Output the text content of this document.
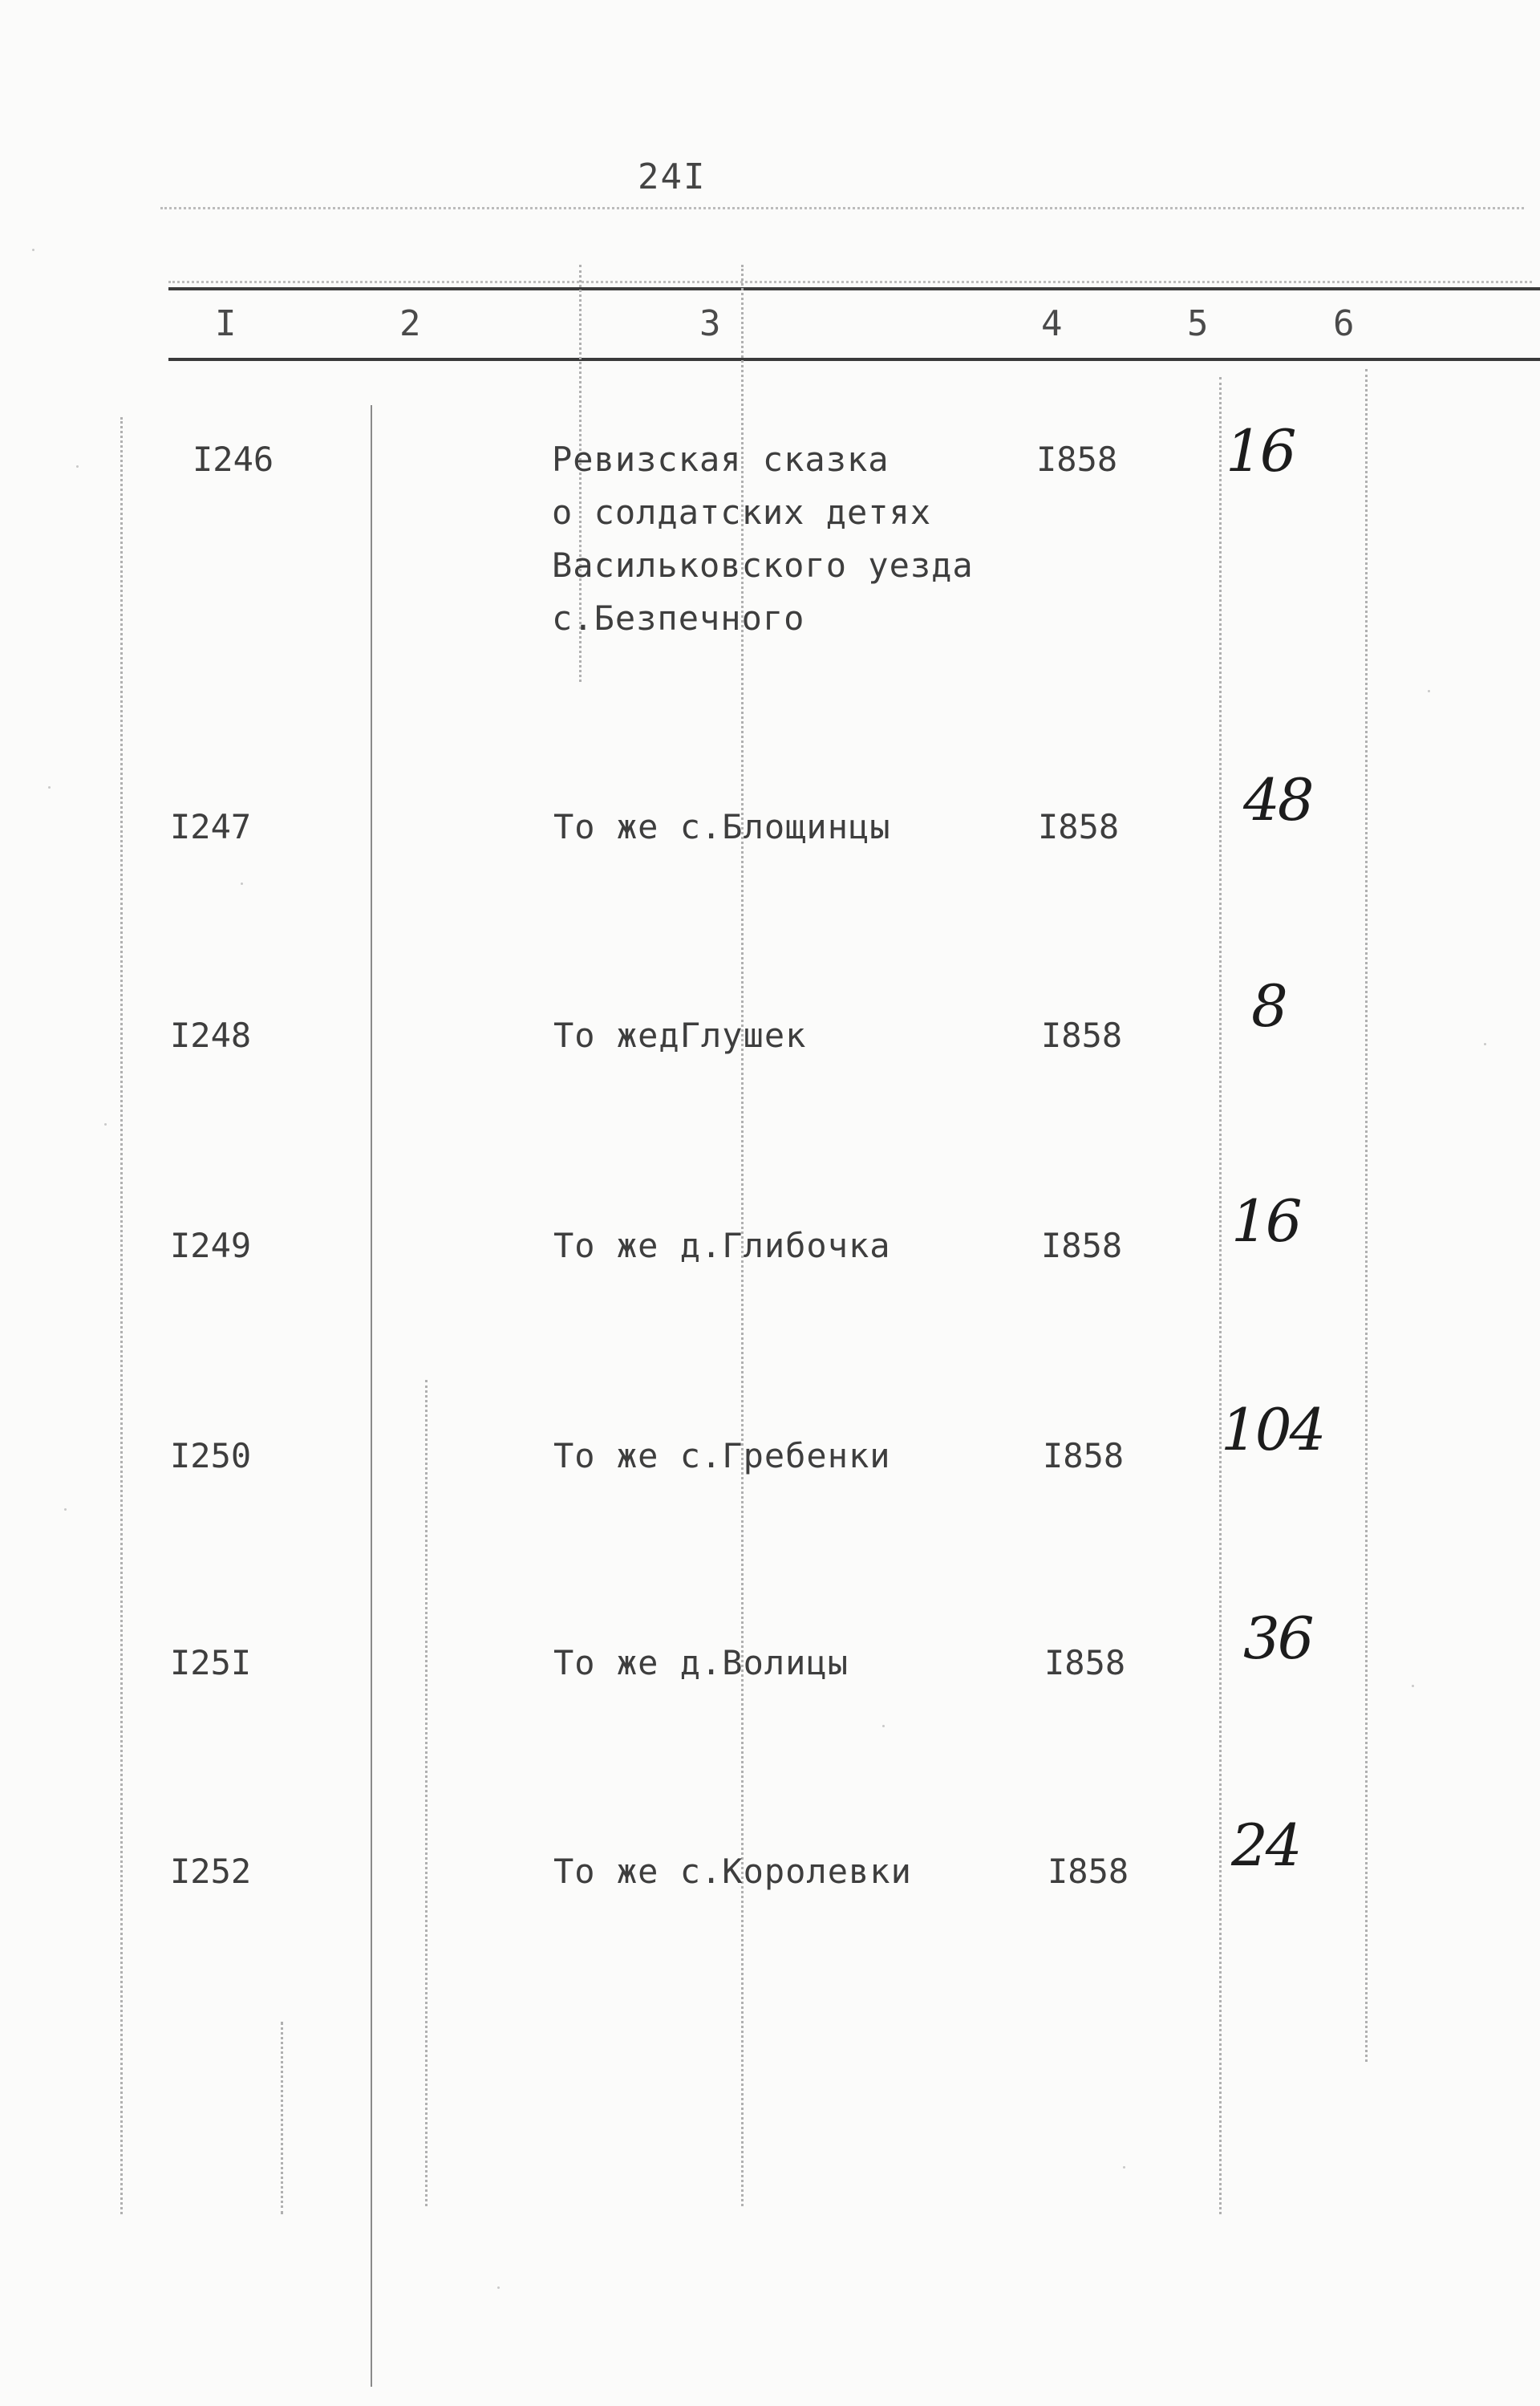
24I
I	2	3	4	5	6
I246	Ревизская сказка
о солдатских детях
Васильковского уезда
с.Безпечного
I858 16
I247	То же с.Блощинцы	I858 48
I248	То жедГлушек	I858 8
I249	То же д.Глибочка	I858 16
I250	То же с.Гребенки	I858 104
I25I	То же д.Волицы	I858 36
I252	То же с.Королевки	I858 24
